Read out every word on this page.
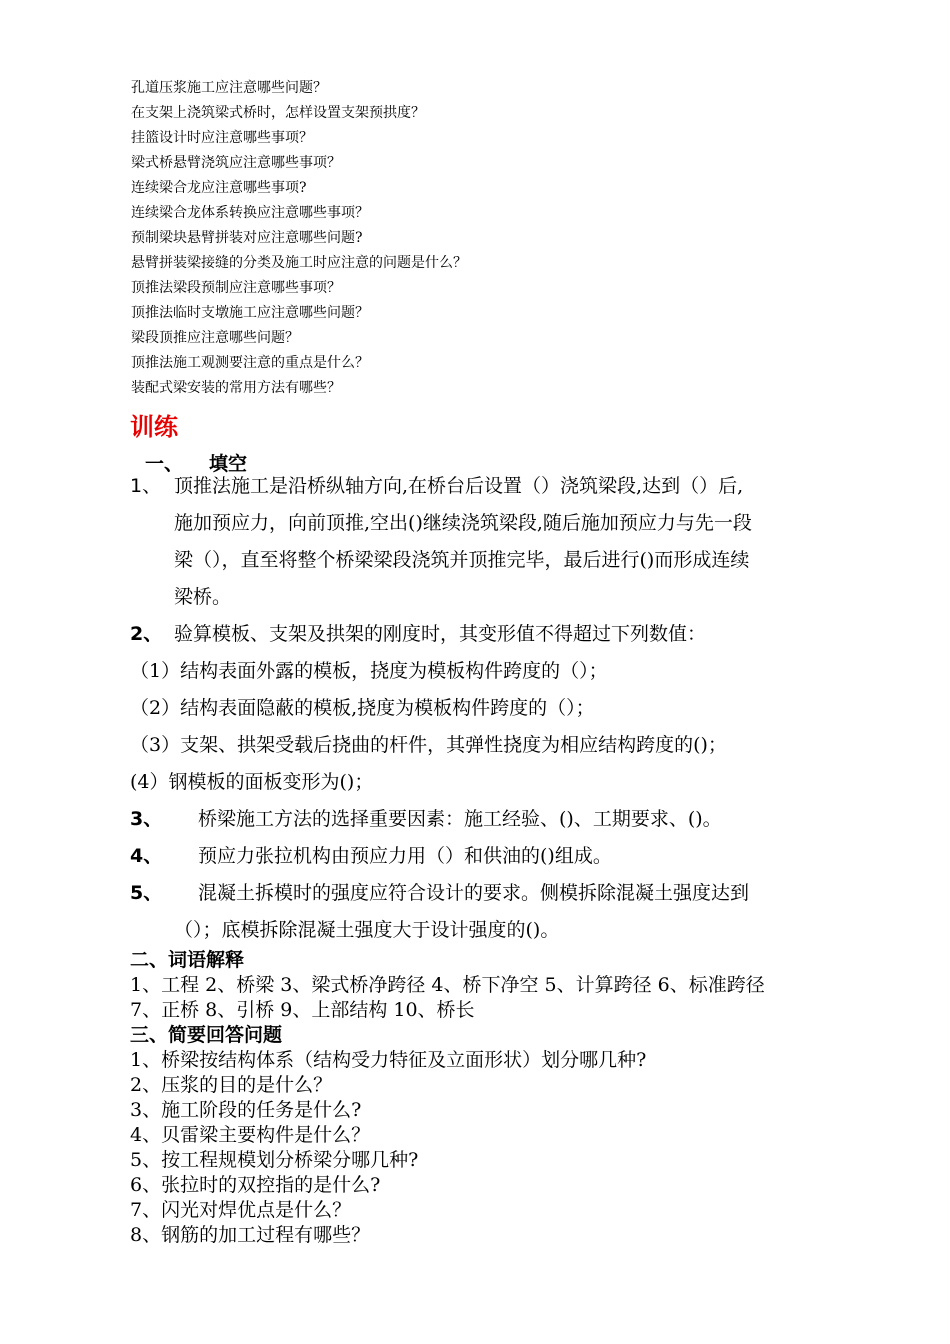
孔道压浆施工应注意哪些问题？
在支架上浇筑梁式桥时，怎样设置支架预拱度？
挂篮设计时应注意哪些事项？
梁式桥悬臂浇筑应注意哪些事项？
连续梁合龙应注意哪些事项?
连续梁合龙体系转换应注意哪些事项？
预制梁块悬臂拼装对应注意哪些问题?
悬臂拼装梁接缝的分类及施工时应注意的问题是什么？
顶推法梁段预制应注意哪些事项？
顶推法临时支墩施工应注意哪些问题？
梁段顶推应注意哪些问题？
顶推法施工观测要注意的重点是什么？
装配式梁安装的常用方法有哪些？
训练
一、 填空
1、 顶推法施工是沿桥纵轴方向,在桥台后设置（）浇筑梁段,达到（）后,
施加预应力，向前顶推,空出()继续浇筑梁段,随后施加预应力与先一段
梁（），直至将整个桥梁梁段浇筑并顶推完毕，最后进行()而形成连续
梁桥。
2、 验算模板、支架及拱架的刚度时，其变形值不得超过下列数值：
（1）结构表面外露的模板，挠度为模板构件跨度的（）；
（2）结构表面隐蔽的模板,挠度为模板构件跨度的（）；
（3）支架、拱架受载后挠曲的杆件，其弹性挠度为相应结构跨度的()；
(4）钢模板的面板变形为()；
3、 桥梁施工方法的选择重要因素：施工经验、()、工期要求、()。
4、 预应力张拉机构由预应力用（）和供油的()组成。
5、 混凝土拆模时的强度应符合设计的要求。侧模拆除混凝土强度达到
（）；底模拆除混凝土强度大于设计强度的()。
二、词语解释
1、工程 2、桥梁 3、梁式桥净跨径 4、桥下净空 5、计算跨径 6、标准跨径
7、正桥 8、引桥 9、上部结构 10、桥长
三、简要回答问题
1、桥梁按结构体系（结构受力特征及立面形状）划分哪几种?
2、压浆的目的是什么？
3、施工阶段的任务是什么?
4、贝雷梁主要构件是什么？
5、按工程规模划分桥梁分哪几种?
6、张拉时的双控指的是什么?
7、闪光对焊优点是什么？
8、钢筋的加工过程有哪些？
